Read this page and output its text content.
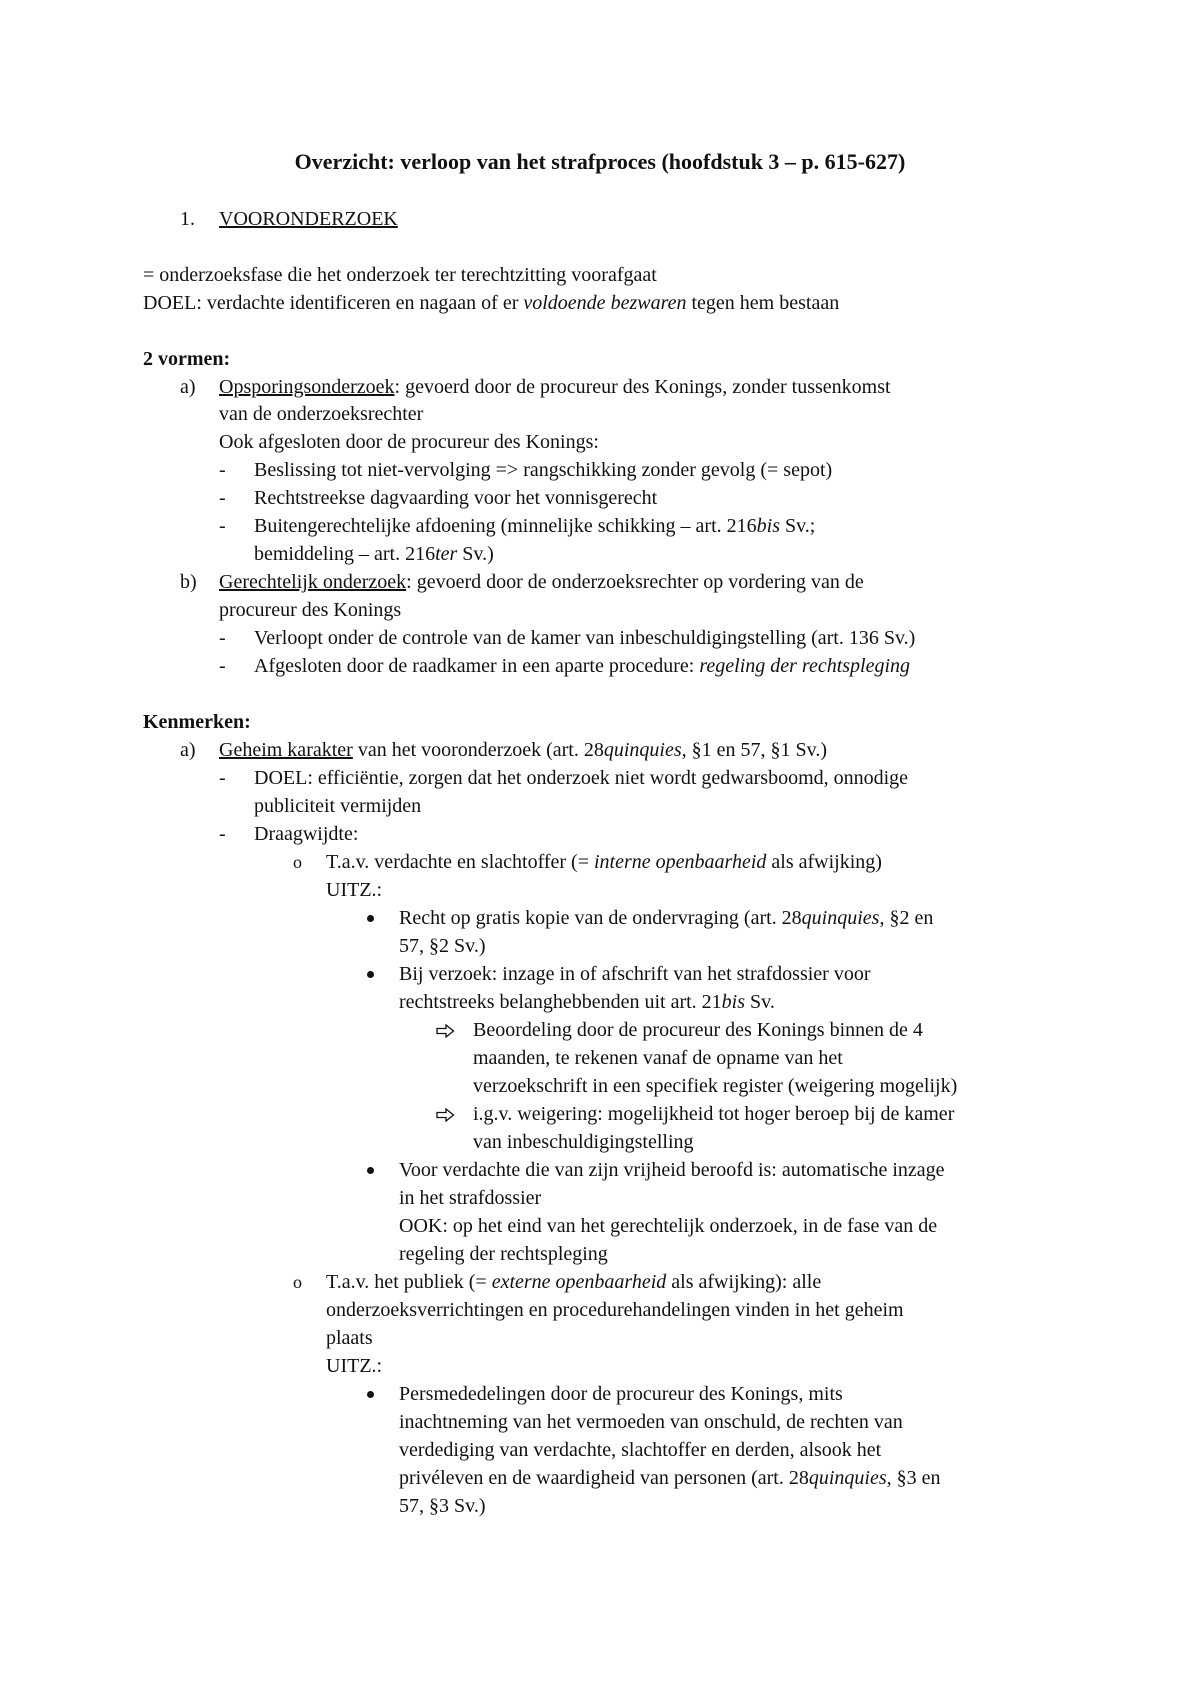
Overzicht: verloop van het strafproces (hoofdstuk 3 – p. 615-627)
1. VOORONDERZOEK
= onderzoeksfase die het onderzoek ter terechtzitting voorafgaat
DOEL: verdachte identificeren en nagaan of er voldoende bezwaren tegen hem bestaan
2 vormen:
a) Opsporingsonderzoek: gevoerd door de procureur des Konings, zonder tussenkomst
van de onderzoeksrechter
Ook afgesloten door de procureur des Konings:
- Beslissing tot niet-vervolging => rangschikking zonder gevolg (= sepot)
- Rechtstreekse dagvaarding voor het vonnisgerecht
- Buitengerechtelijke afdoening (minnelijke schikking – art. 216bis Sv.;
bemiddeling – art. 216ter Sv.)
b) Gerechtelijk onderzoek: gevoerd door de onderzoeksrechter op vordering van de
procureur des Konings
- Verloopt onder de controle van de kamer van inbeschuldigingstelling (art. 136 Sv.)
- Afgesloten door de raadkamer in een aparte procedure: regeling der rechtspleging
Kenmerken:
a) Geheim karakter van het vooronderzoek (art. 28quinquies, §1 en 57, §1 Sv.)
- DOEL: efficiëntie, zorgen dat het onderzoek niet wordt gedwarsboomd, onnodige
publiciteit vermijden
- Draagwijdte:
o T.a.v. verdachte en slachtoffer (= interne openbaarheid als afwijking)
UITZ.:
Recht op gratis kopie van de ondervraging (art. 28quinquies, §2 en
57, §2 Sv.)
Bij verzoek: inzage in of afschrift van het strafdossier voor
rechtstreeks belanghebbenden uit art. 21bis Sv.
Beoordeling door de procureur des Konings binnen de 4
maanden, te rekenen vanaf de opname van het
verzoekschrift in een specifiek register (weigering mogelijk)
i.g.v. weigering: mogelijkheid tot hoger beroep bij de kamer
van inbeschuldigingstelling
Voor verdachte die van zijn vrijheid beroofd is: automatische inzage
in het strafdossier
OOK: op het eind van het gerechtelijk onderzoek, in de fase van de
regeling der rechtspleging
o T.a.v. het publiek (= externe openbaarheid als afwijking): alle
onderzoeksverrichtingen en procedurehandelingen vinden in het geheim
plaats
UITZ.:
Persmededelingen door de procureur des Konings, mits
inachtneming van het vermoeden van onschuld, de rechten van
verdediging van verdachte, slachtoffer en derden, alsook het
privéleven en de waardigheid van personen (art. 28quinquies, §3 en
57, §3 Sv.)
